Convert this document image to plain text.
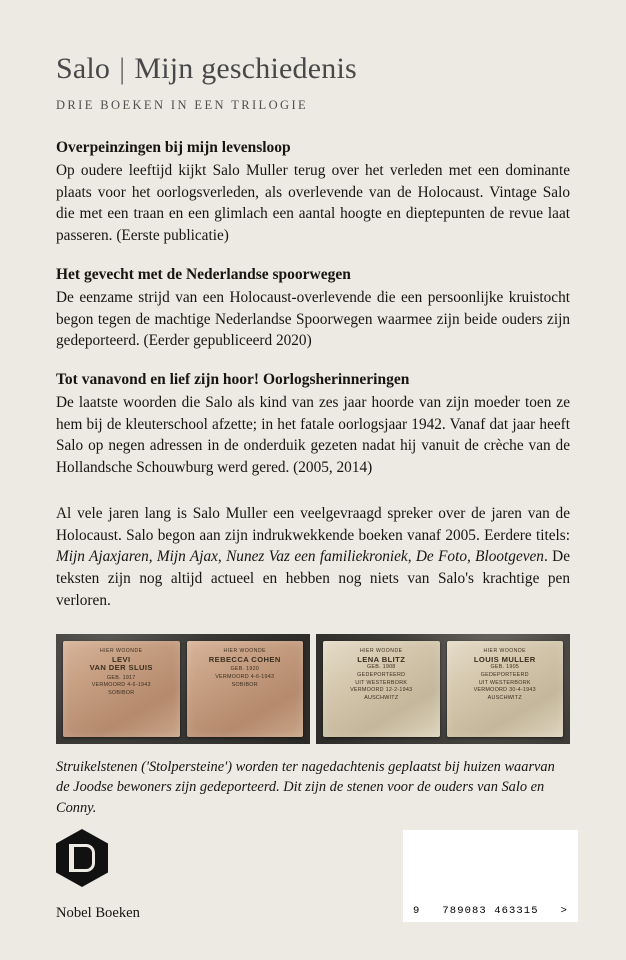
Salo | Mijn geschiedenis
DRIE BOEKEN IN EEN TRILOGIE
Overpeinzingen bij mijn levensloop
Op oudere leeftijd kijkt Salo Muller terug over het verleden met een dominante plaats voor het oorlogsverleden, als overlevende van de Holocaust. Vintage Salo die met een traan en een glimlach een aantal hoogte en dieptepunten de revue laat passeren. (Eerste publicatie)
Het gevecht met de Nederlandse spoorwegen
De eenzame strijd van een Holocaust-overlevende die een persoonlijke kruistocht begon tegen de machtige Nederlandse Spoorwegen waarmee zijn beide ouders zijn gedeporteerd. (Eerder gepubliceerd 2020)
Tot vanavond en lief zijn hoor! Oorlogsherinneringen
De laatste woorden die Salo als kind van zes jaar hoorde van zijn moeder toen ze hem bij de kleuterschool afzette; in het fatale oorlogsjaar 1942. Vanaf dat jaar heeft Salo op negen adressen in de onderduik gezeten nadat hij vanuit de crèche van de Hollandsche Schouwburg werd gered. (2005, 2014)
Al vele jaren lang is Salo Muller een veelgevraagd spreker over de jaren van de Holocaust. Salo begon aan zijn indrukwekkende boeken vanaf 2005. Eerdere titels: Mijn Ajaxjaren, Mijn Ajax, Nunez Vaz een familiekroniek, De Foto, Blootgeven. De teksten zijn nog altijd actueel en hebben nog niets van Salo's krachtige pen verloren.
HIER WOONDE
LEVI
VAN DER SLUIS
GEB. 1917
VERMOORD 4-6-1943
SOBIBOR
HIER WOONDE
REBECCA COHEN
GEB. 1920
VERMOORD 4-6-1943
SOBIBOR
HIER WOONDE
LENA BLITZ
GEB. 1908
GEDEPORTEERD
UIT WESTERBORK
VERMOORD 12-2-1943
AUSCHWITZ
HIER WOONDE
LOUIS MULLER
GEB. 1905
GEDEPORTEERD
UIT WESTERBORK
VERMOORD 30-4-1943
AUSCHWITZ
Struikelstenen ('Stolpersteine') worden ter nagedachtenis geplaatst bij huizen waarvan de Joodse bewoners zijn gedeporteerd. Dit zijn de stenen voor de ouders van Salo en Conny.
Nobel Boeken	9 789083 463315 >
